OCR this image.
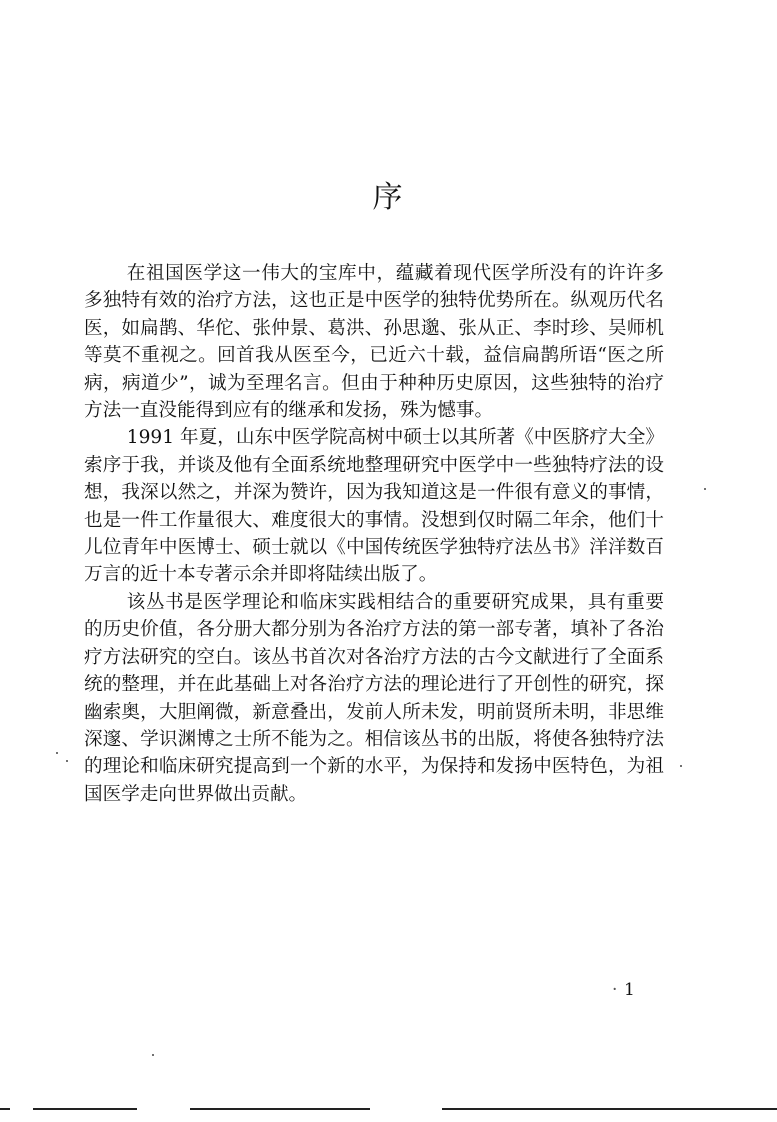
序

在祖国医学这一伟大的宝库中，蕴藏着现代医学所没有的许许多多独特有效的治疗方法，这也正是中医学的独特优势所在。纵观历代名医，如扁鹊、华佗、张仲景、葛洪、孙思邈、张从正、李时珍、吴师机等莫不重视之。回首我从医至今，已近六十载，益信扁鹊所语“医之所病，病道少”，诚为至理名言。但由于种种历史原因，这些独特的治疗方法一直没能得到应有的继承和发扬，殊为憾事。

1991 年夏，山东中医学院高树中硕士以其所著《中医脐疗大全》索序于我，并谈及他有全面系统地整理研究中医学中一些独特疗法的设想，我深以然之，并深为赞许，因为我知道这是一件很有意义的事情，也是一件工作量很大、难度很大的事情。没想到仅时隔二年余，他们十儿位青年中医博士、硕士就以《中国传统医学独特疗法丛书》洋洋数百万言的近十本专著示余并即将陆续出版了。

该丛书是医学理论和临床实践相结合的重要研究成果，具有重要的历史价值，各分册大都分别为各治疗方法的第一部专著，填补了各治疗方法研究的空白。该丛书首次对各治疗方法的古今文献进行了全面系统的整理，并在此基础上对各治疗方法的理论进行了开创性的研究，探幽索奥，大胆阐微，新意叠出，发前人所未发，明前贤所未明，非思维深邃、学识渊博之士所不能为之。相信该丛书的出版，将使各独特疗法的理论和临床研究提高到一个新的水平，为保持和发扬中医特色，为祖国医学走向世界做出贡献。

· 1
